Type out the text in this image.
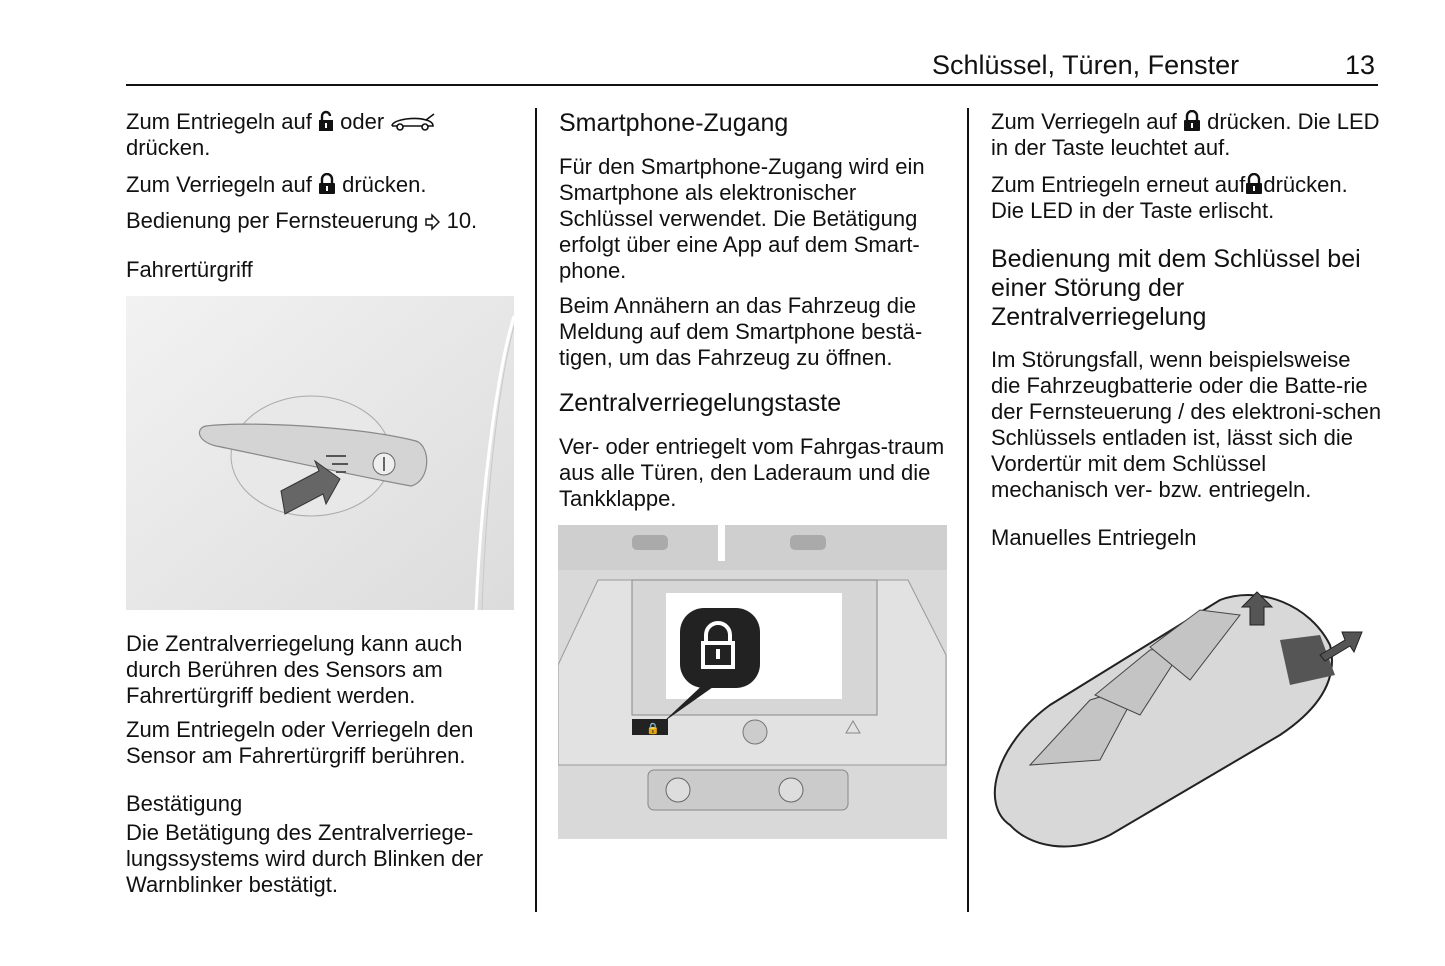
Schlüssel, Türen, Fenster	13

Zum Entriegeln auf oder
drücken.

Zum Verriegeln auf drücken.

Bedienung per Fernsteuerung 10.

Fahrertürgriff

Die Zentralverriegelung kann auch durch Berühren des Sensors am Fahrertürgriff bedient werden.

Zum Entriegeln oder Verriegeln den Sensor am Fahrertürgriff berühren.

Bestätigung

Die Betätigung des Zentralverriege-lungssystems wird durch Blinken der Warnblinker bestätigt.

Smartphone-Zugang

Für den Smartphone-Zugang wird ein Smartphone als elektronischer Schlüssel verwendet. Die Betätigung erfolgt über eine App auf dem Smart-phone.

Beim Annähern an das Fahrzeug die Meldung auf dem Smartphone bestä-tigen, um das Fahrzeug zu öffnen.

Zentralverriegelungstaste

Ver- oder entriegelt vom Fahrgas-traum aus alle Türen, den Laderaum und die Tankklappe.

🔒

Zum Verriegeln auf drücken. Die LED in der Taste leuchtet auf.

Zum Entriegeln erneut auf drücken. Die LED in der Taste erlischt.

Bedienung mit dem Schlüssel bei einer Störung der Zentralverriegelung

Im Störungsfall, wenn beispielsweise die Fahrzeugbatterie oder die Batte-rie der Fernsteuerung / des elektroni-schen Schlüssels entladen ist, lässt sich die Vordertür mit dem Schlüssel mechanisch ver- bzw. entriegeln.

Manuelles Entriegeln
